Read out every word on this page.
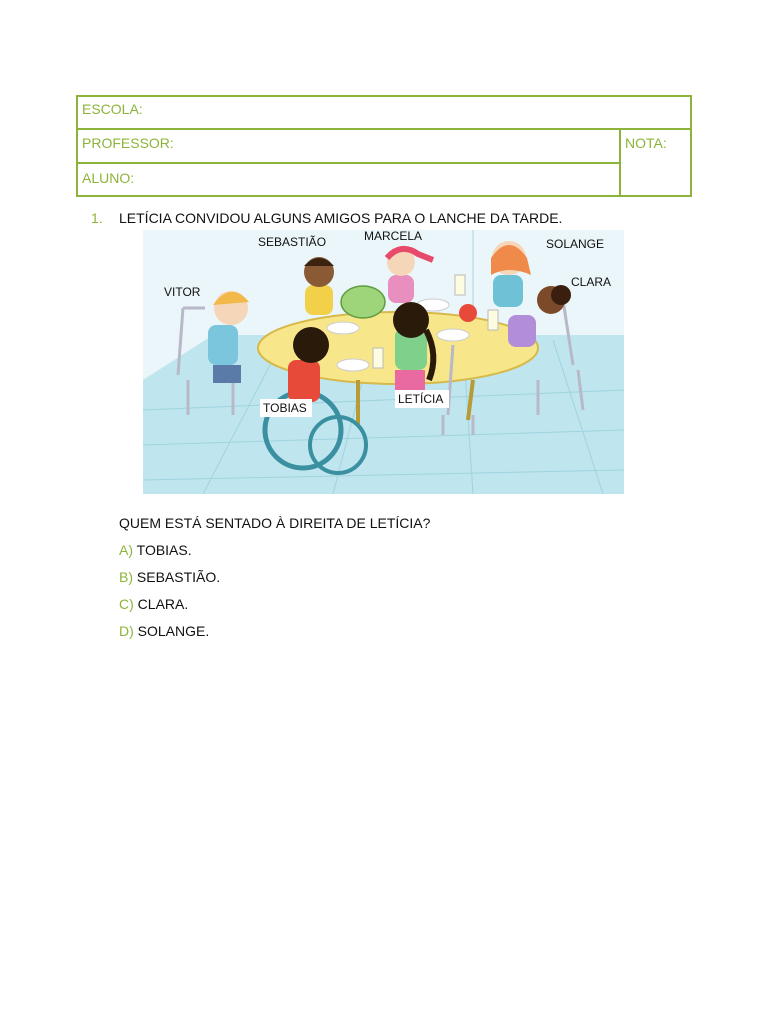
ESCOLA:
PROFESSOR:	NOTA:
ALUNO:
1. LETÍCIA CONVIDOU ALGUNS AMIGOS PARA O LANCHE DA TARDE.
SEBASTIÃO	MARCELA
SOLANGE
VITOR
CLARA
TOBIAS
LETÍCIA
QUEM ESTÁ SENTADO À DIREITA DE LETÍCIA?
A) TOBIAS.
B) SEBASTIÃO.
C) CLARA.
D) SOLANGE.
